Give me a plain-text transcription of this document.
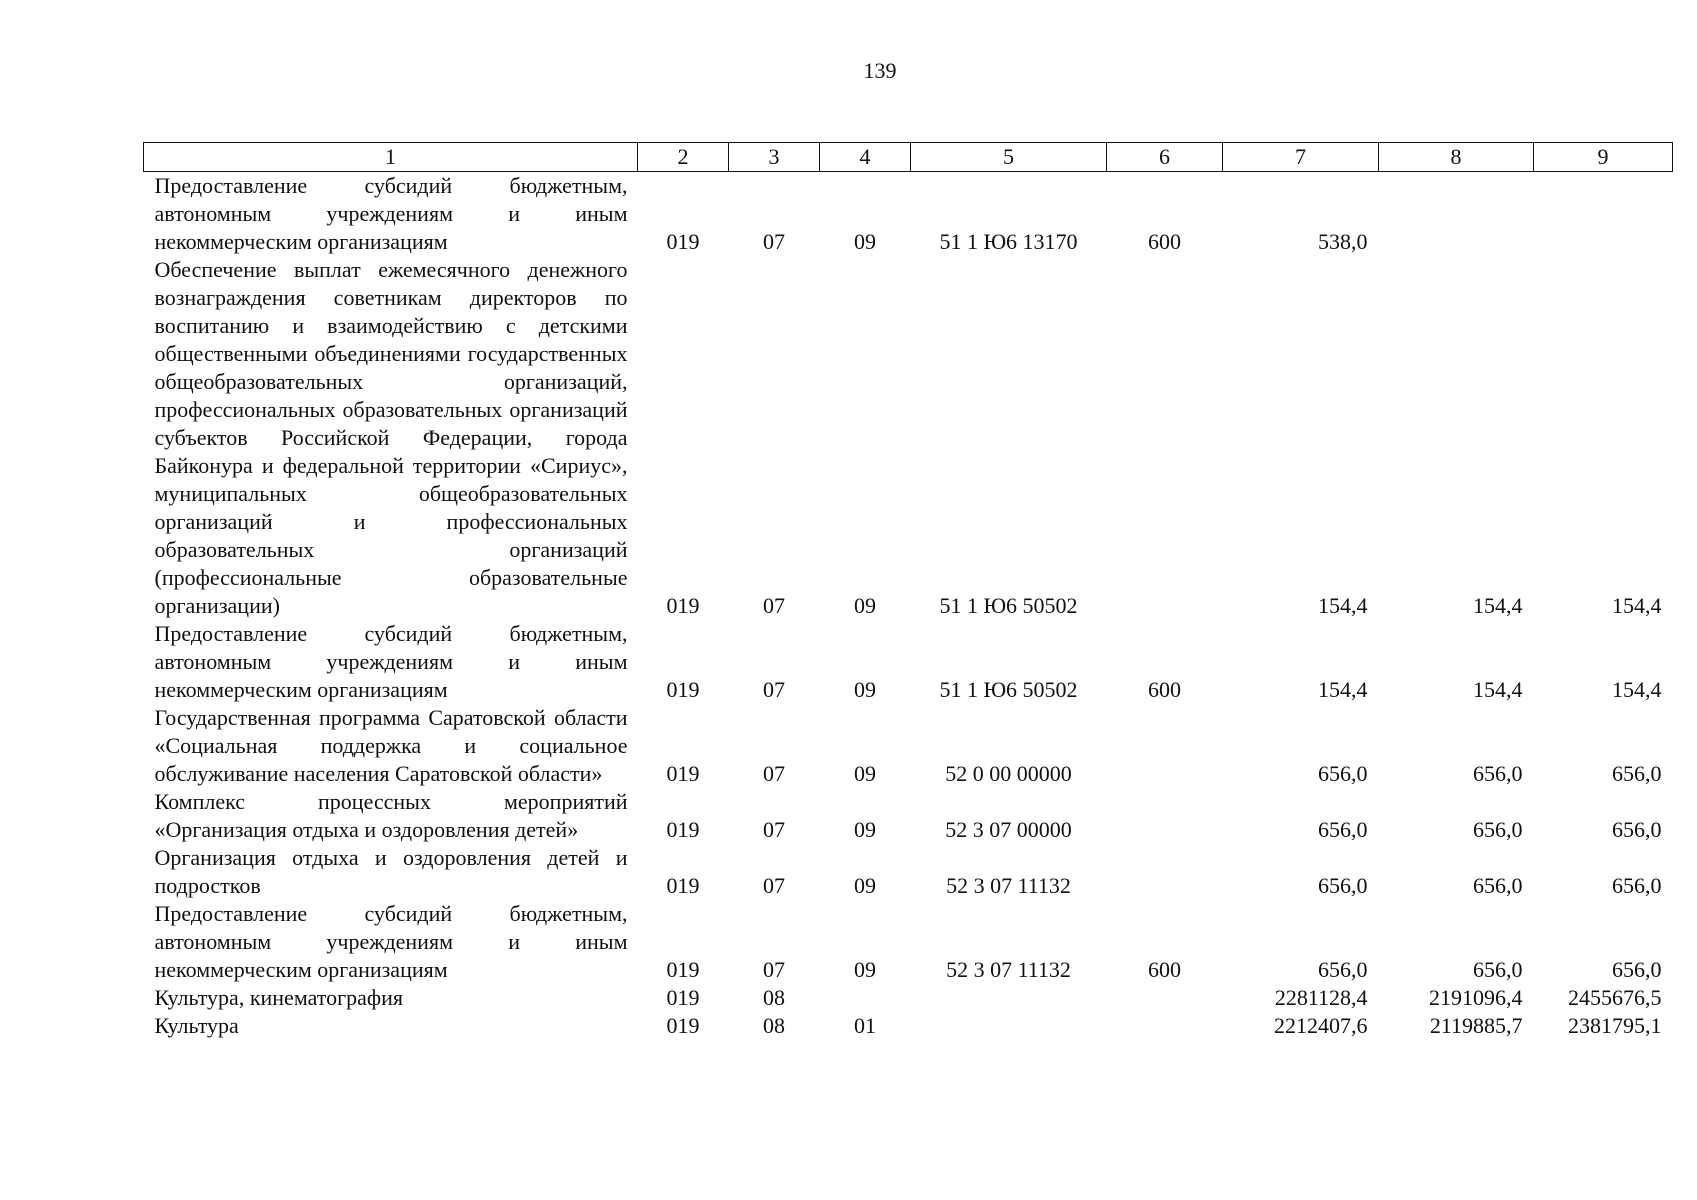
139
1	2	3	4	5	6	7	8	9
Предоставление субсидий бюджетным, автономным учреждениям и иным некоммерческим организациям	019	07	09	51 1 Ю6 13170	600	538,0		
Обеспечение выплат ежемесячного денежного вознаграждения советникам директоров по воспитанию и взаимодействию с детскими общественными объединениями государственных общеобразовательных организаций, профессиональных образовательных организаций субъектов Российской Федерации, города Байконура и федеральной территории «Сириус», муниципальных общеобразовательных организаций и профессиональных образовательных организаций (профессиональные образовательные организации)	019	07	09	51 1 Ю6 50502		154,4	154,4	154,4
Предоставление субсидий бюджетным, автономным учреждениям и иным некоммерческим организациям	019	07	09	51 1 Ю6 50502	600	154,4	154,4	154,4
Государственная программа Саратовской области «Социальная поддержка и социальное обслуживание населения Саратовской области»	019	07	09	52 0 00 00000		656,0	656,0	656,0
Комплекс процессных мероприятий «Организация отдыха и оздоровления детей»	019	07	09	52 3 07 00000		656,0	656,0	656,0
Организация отдыха и оздоровления детей и подростков	019	07	09	52 3 07 11132		656,0	656,0	656,0
Предоставление субсидий бюджетным, автономным учреждениям и иным некоммерческим организациям	019	07	09	52 3 07 11132	600	656,0	656,0	656,0
Культура, кинематография	019	08				2281128,4	2191096,4	2455676,5
Культура	019	08	01			2212407,6	2119885,7	2381795,1
